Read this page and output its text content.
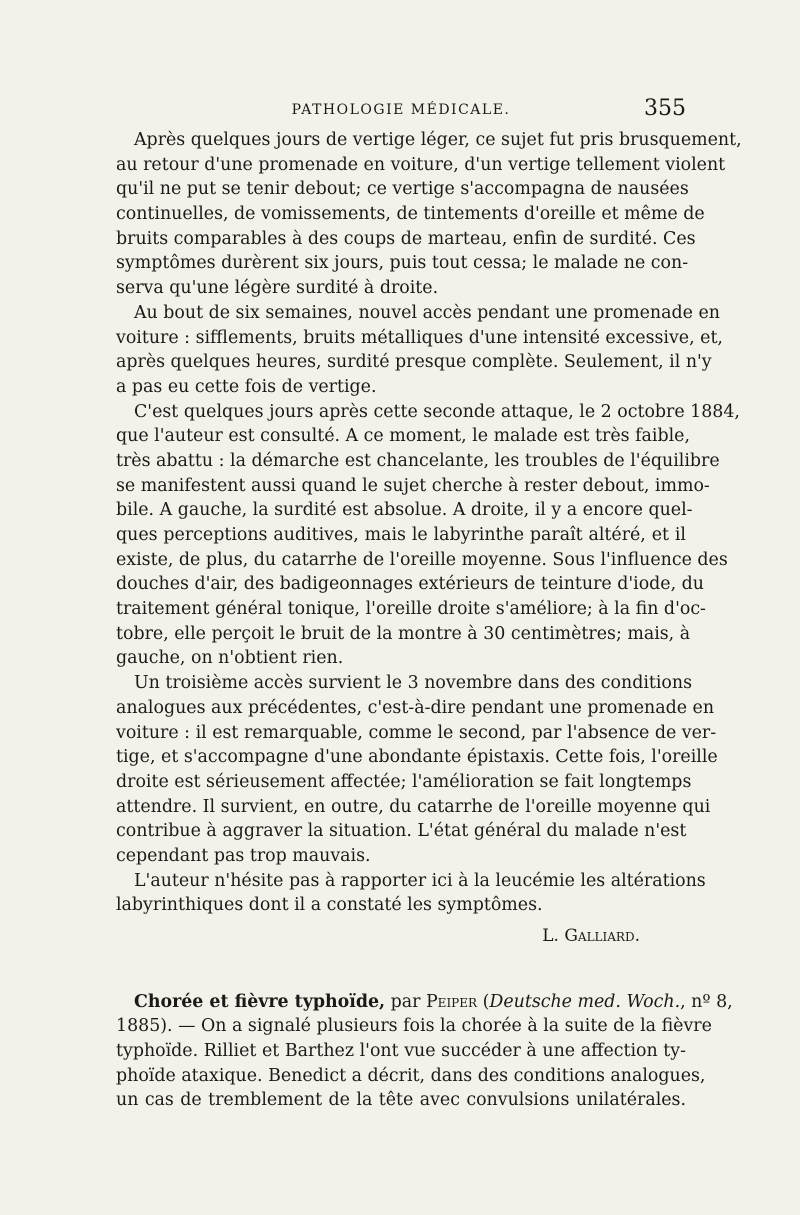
PATHOLOGIE MÉDICALE.	355
Après quelques jours de vertige léger, ce sujet fut pris brusquement,
au retour d'une promenade en voiture, d'un vertige tellement violent
qu'il ne put se tenir debout; ce vertige s'accompagna de nausées
continuelles, de vomissements, de tintements d'oreille et même de
bruits comparables à des coups de marteau, enfin de surdité. Ces
symptômes durèrent six jours, puis tout cessa; le malade ne con-
serva qu'une légère surdité à droite.
Au bout de six semaines, nouvel accès pendant une promenade en
voiture : sifflements, bruits métalliques d'une intensité excessive, et,
après quelques heures, surdité presque complète. Seulement, il n'y
a pas eu cette fois de vertige.
C'est quelques jours après cette seconde attaque, le 2 octobre 1884,
que l'auteur est consulté. A ce moment, le malade est très faible,
très abattu : la démarche est chancelante, les troubles de l'équilibre
se manifestent aussi quand le sujet cherche à rester debout, immo-
bile. A gauche, la surdité est absolue. A droite, il y a encore quel-
ques perceptions auditives, mais le labyrinthe paraît altéré, et il
existe, de plus, du catarrhe de l'oreille moyenne. Sous l'influence des
douches d'air, des badigeonnages extérieurs de teinture d'iode, du
traitement général tonique, l'oreille droite s'améliore; à la fin d'oc-
tobre, elle perçoit le bruit de la montre à 30 centimètres; mais, à
gauche, on n'obtient rien.
Un troisième accès survient le 3 novembre dans des conditions
analogues aux précédentes, c'est-à-dire pendant une promenade en
voiture : il est remarquable, comme le second, par l'absence de ver-
tige, et s'accompagne d'une abondante épistaxis. Cette fois, l'oreille
droite est sérieusement affectée; l'amélioration se fait longtemps
attendre. Il survient, en outre, du catarrhe de l'oreille moyenne qui
contribue à aggraver la situation. L'état général du malade n'est
cependant pas trop mauvais.
L'auteur n'hésite pas à rapporter ici à la leucémie les altérations
labyrinthiques dont il a constaté les symptômes.
L. Galliard.
Chorée et fièvre typhoïde, par Peiper (Deutsche med. Woch., nº 8,
1885). — On a signalé plusieurs fois la chorée à la suite de la fièvre
typhoïde. Rilliet et Barthez l'ont vue succéder à une affection ty-
phoïde ataxique. Benedict a décrit, dans des conditions analogues,
un cas de tremblement de la tête avec convulsions unilatérales.
